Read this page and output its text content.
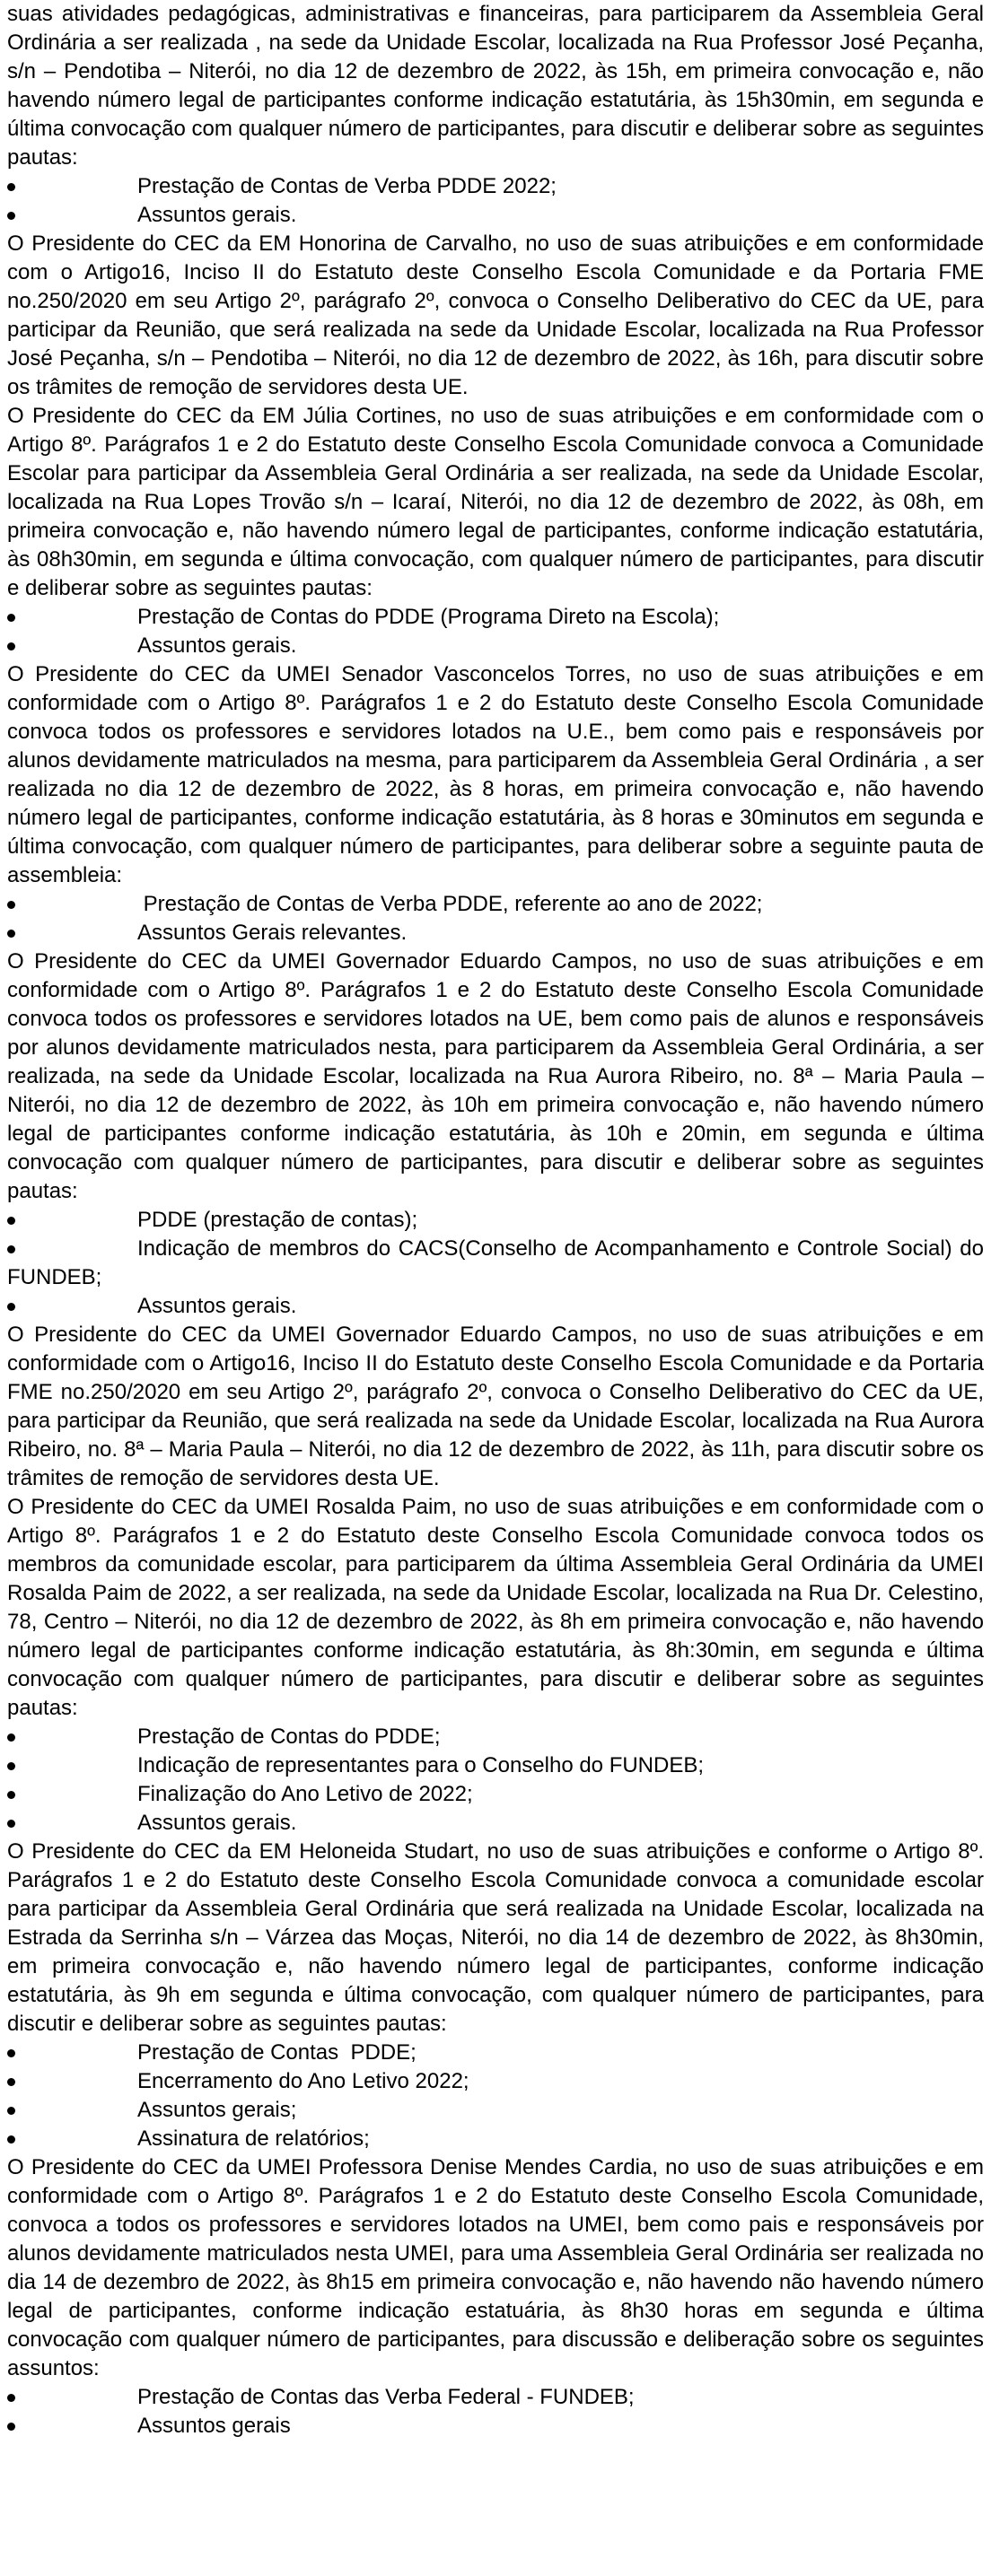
suas atividades pedagógicas, administrativas e financeiras, para participarem da Assembleia Geral Ordinária a ser realizada , na sede da Unidade Escolar, localizada na Rua Professor José Peçanha, s/n – Pendotiba – Niterói, no dia 12 de dezembro de 2022, às 15h, em primeira convocação e, não havendo número legal de participantes conforme indicação estatutária, às 15h30min, em segunda e última convocação com qualquer número de participantes, para discutir e deliberar sobre as seguintes pautas:

Prestação de Contas de Verba PDDE 2022;
Assuntos gerais.

O Presidente do CEC da EM Honorina de Carvalho, no uso de suas atribuições e em conformidade com o Artigo16, Inciso II do Estatuto deste Conselho Escola Comunidade e da Portaria FME no.250/2020 em seu Artigo 2º, parágrafo 2º, convoca o Conselho Deliberativo do CEC da UE, para participar da Reunião, que será realizada na sede da Unidade Escolar, localizada na Rua Professor José Peçanha, s/n – Pendotiba – Niterói, no dia 12 de dezembro de 2022, às 16h, para discutir sobre os trâmites de remoção de servidores desta UE.

O Presidente do CEC da EM Júlia Cortines, no uso de suas atribuições e em conformidade com o Artigo 8º. Parágrafos 1 e 2 do Estatuto deste Conselho Escola Comunidade convoca a Comunidade Escolar para participar da Assembleia Geral Ordinária a ser realizada, na sede da Unidade Escolar, localizada na Rua Lopes Trovão s/n – Icaraí, Niterói, no dia 12 de dezembro de 2022, às 08h, em primeira convocação e, não havendo número legal de participantes, conforme indicação estatutária, às 08h30min, em segunda e última convocação, com qualquer número de participantes, para discutir e deliberar sobre as seguintes pautas:

Prestação de Contas do PDDE (Programa Direto na Escola);
Assuntos gerais.

O Presidente do CEC da UMEI Senador Vasconcelos Torres, no uso de suas atribuições e em conformidade com o Artigo 8º. Parágrafos 1 e 2 do Estatuto deste Conselho Escola Comunidade convoca todos os professores e servidores lotados na U.E., bem como pais e responsáveis por alunos devidamente matriculados na mesma, para participarem da Assembleia Geral Ordinária , a ser realizada no dia 12 de dezembro de 2022, às 8 horas, em primeira convocação e, não havendo número legal de participantes, conforme indicação estatutária, às 8 horas e 30minutos em segunda e última convocação, com qualquer número de participantes, para deliberar sobre a seguinte pauta de assembleia:

Prestação de Contas de Verba PDDE, referente ao ano de 2022;
Assuntos Gerais relevantes.

O Presidente do CEC da UMEI Governador Eduardo Campos, no uso de suas atribuições e em conformidade com o Artigo 8º. Parágrafos 1 e 2 do Estatuto deste Conselho Escola Comunidade convoca todos os professores e servidores lotados na UE, bem como pais de alunos e responsáveis por alunos devidamente matriculados nesta, para participarem da Assembleia Geral Ordinária, a ser realizada, na sede da Unidade Escolar, localizada na Rua Aurora Ribeiro, no. 8ª – Maria Paula – Niterói, no dia 12 de dezembro de 2022, às 10h em primeira convocação e, não havendo número legal de participantes conforme indicação estatutária, às 10h e 20min, em segunda e última convocação com qualquer número de participantes, para discutir e deliberar sobre as seguintes pautas:

PDDE (prestação de contas);
Indicação de membros do CACS(Conselho de Acompanhamento e Controle Social) do FUNDEB;
Assuntos gerais.

O Presidente do CEC da UMEI Governador Eduardo Campos, no uso de suas atribuições e em conformidade com o Artigo16, Inciso II do Estatuto deste Conselho Escola Comunidade e da Portaria FME no.250/2020 em seu Artigo 2º, parágrafo 2º, convoca o Conselho Deliberativo do CEC da UE, para participar da Reunião, que será realizada na sede da Unidade Escolar, localizada na Rua Aurora Ribeiro, no. 8ª – Maria Paula – Niterói, no dia 12 de dezembro de 2022, às 11h, para discutir sobre os trâmites de remoção de servidores desta UE.

O Presidente do CEC da UMEI Rosalda Paim, no uso de suas atribuições e em conformidade com o Artigo 8º. Parágrafos 1 e 2 do Estatuto deste Conselho Escola Comunidade convoca todos os membros da comunidade escolar, para participarem da última Assembleia Geral Ordinária da UMEI Rosalda Paim de 2022, a ser realizada, na sede da Unidade Escolar, localizada na Rua Dr. Celestino, 78, Centro – Niterói, no dia 12 de dezembro de 2022, às 8h em primeira convocação e, não havendo número legal de participantes conforme indicação estatutária, às 8h:30min, em segunda e última convocação com qualquer número de participantes, para discutir e deliberar sobre as seguintes pautas:

Prestação de Contas do PDDE;
Indicação de representantes para o Conselho do FUNDEB;
Finalização do Ano Letivo de 2022;
Assuntos gerais.

O Presidente do CEC da EM Heloneida Studart, no uso de suas atribuições e conforme o Artigo 8º. Parágrafos 1 e 2 do Estatuto deste Conselho Escola Comunidade convoca a comunidade escolar para participar da Assembleia Geral Ordinária que será realizada na Unidade Escolar, localizada na Estrada da Serrinha s/n – Várzea das Moças, Niterói, no dia 14 de dezembro de 2022, às 8h30min, em primeira convocação e, não havendo número legal de participantes, conforme indicação estatutária, às 9h em segunda e última convocação, com qualquer número de participantes, para discutir e deliberar sobre as seguintes pautas:

Prestação de Contas  PDDE;
Encerramento do Ano Letivo 2022;
Assuntos gerais;
Assinatura de relatórios;

O Presidente do CEC da UMEI Professora Denise Mendes Cardia, no uso de suas atribuições e em conformidade com o Artigo 8º. Parágrafos 1 e 2 do Estatuto deste Conselho Escola Comunidade, convoca a todos os professores e servidores lotados na UMEI, bem como pais e responsáveis por alunos devidamente matriculados nesta UMEI, para uma Assembleia Geral Ordinária ser realizada no dia 14 de dezembro de 2022, às 8h15 em primeira convocação e, não havendo não havendo número legal de participantes, conforme indicação estatuária, às 8h30 horas em segunda e última convocação com qualquer número de participantes, para discussão e deliberação sobre os seguintes assuntos:

Prestação de Contas das Verba Federal - FUNDEB;
Assuntos gerais
